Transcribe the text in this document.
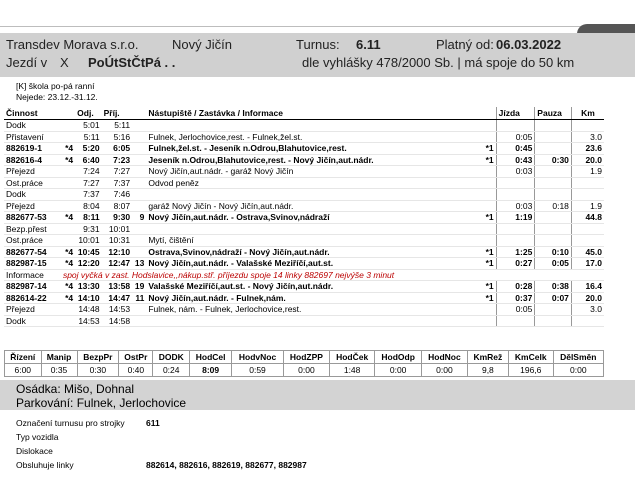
Transdev Morava s.r.o.	Nový Jičín	Turnus: 6.11	Platný od: 06.03.2022
Jezdí v X PoÚtStČtPá . .	dle vyhlášky 478/2000 Sb. | má spoje do 50 km
[K] škola po-pá ranní
Nejede: 23.12.-31.12.
Činnost		Odj.	Příj.		Nástupiště / Zastávka / Informace		Jízda	Pauza	Km
Dodk		5:01	5:11						
Přistavení		5:11	5:16		Fulnek, Jerlochovice,rest. - Fulnek,žel.st.		0:05		3.0
882619-1	*4	5:20	6:05		Fulnek,žel.st. - Jeseník n.Odrou,Blahutovice,rest.	*1	0:45		23.6
882616-4	*4	6:40	7:23		Jeseník n.Odrou,Blahutovice,rest. - Nový Jičín,aut.nádr.	*1	0:43	0:30	20.0
Přejezd		7:24	7:27		Nový Jičín,aut.nádr. - garáž Nový Jičín		0:03		1.9
Ost.práce		7:27	7:37		Odvod peněz				
Dodk		7:37	7:46						
Přejezd		8:04	8:07		garáž Nový Jičín - Nový Jičín,aut.nádr.		0:03	0:18	1.9
882677-53	*4	8:11	9:30	9	Nový Jičín,aut.nádr. - Ostrava,Svinov,nádraží	*1	1:19		44.8
Bezp.přest		9:31	10:01						
Ost.práce		10:01	10:31		Mytí, čištění				
882677-54	*4	10:45	12:10		Ostrava,Svinov,nádraží - Nový Jičín,aut.nádr.	*1	1:25	0:10	45.0
882987-15	*4	12:20	12:47	13	Nový Jičín,aut.nádr. - Valašské Meziříčí,aut.st.	*1	0:27	0:05	17.0
Informace	spoj vyčká v zast. Hodslavice,,nákup.stř. příjezdu spoje 14 linky 882697 nejvýše 3 minut								
882987-14	*4	13:30	13:58	19	Valašské Meziříčí,aut.st. - Nový Jičín,aut.nádr.	*1	0:28	0:38	16.4
882614-22	*4	14:10	14:47	11	Nový Jičín,aut.nádr. - Fulnek,nám.	*1	0:37	0:07	20.0
Přejezd		14:48	14:53		Fulnek, nám. - Fulnek, Jerlochovice,rest.		0:05		3.0
Dodk		14:53	14:58						
Řízení	Manip	BezpPr	OstPr	DODK	HodCel	HodvNoc	HodZPP	HodČek	HodOdp	HodNoc	KmRež	KmCelk	DělSměn
6:00	0:35	0:30	0:40	0:24	8:09	0:59	0:00	1:48	0:00	0:00	9,8	196,6	0:00
Osádka: Mišo, Dohnal
Parkování: Fulnek, Jerlochovice
Označení turnusu pro strojky	611
Typ vozidla
Dislokace
Obsluhuje linky	882614, 882616, 882619, 882677, 882987
